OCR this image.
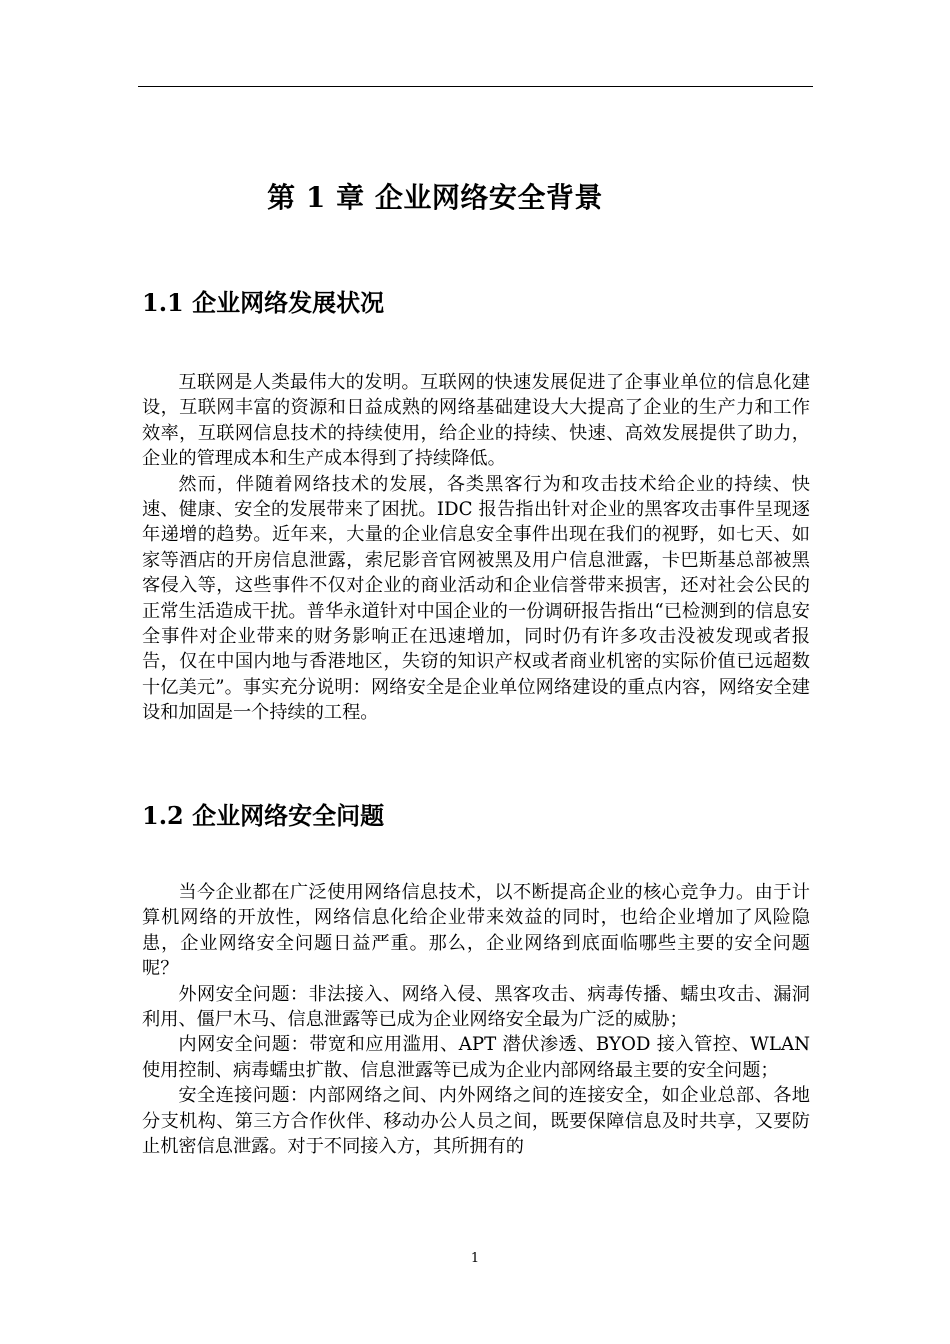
第 1 章 企业网络安全背景
1.1 企业网络发展状况

互联网是人类最伟大的发明。互联网的快速发展促进了企事业单位的信息化建设，互联网丰富的资源和日益成熟的网络基础建设大大提高了企业的生产力和工作效率，互联网信息技术的持续使用，给企业的持续、快速、高效发展提供了助力，企业的管理成本和生产成本得到了持续降低。

然而，伴随着网络技术的发展，各类黑客行为和攻击技术给企业的持续、快速、健康、安全的发展带来了困扰。IDC 报告指出针对企业的黑客攻击事件呈现逐年递增的趋势。近年来，大量的企业信息安全事件出现在我们的视野，如七天、如家等酒店的开房信息泄露，索尼影音官网被黑及用户信息泄露，卡巴斯基总部被黑客侵入等，这些事件不仅对企业的商业活动和企业信誉带来损害，还对社会公民的正常生活造成干扰。普华永道针对中国企业的一份调研报告指出“已检测到的信息安全事件对企业带来的财务影响正在迅速增加，同时仍有许多攻击没被发现或者报告，仅在中国内地与香港地区，失窃的知识产权或者商业机密的实际价值已远超数十亿美元”。事实充分说明：网络安全是企业单位网络建设的重点内容，网络安全建设和加固是一个持续的工程。

1.2 企业网络安全问题

当今企业都在广泛使用网络信息技术，以不断提高企业的核心竞争力。由于计算机网络的开放性，网络信息化给企业带来效益的同时，也给企业增加了风险隐患，企业网络安全问题日益严重。那么，企业网络到底面临哪些主要的安全问题呢？

外网安全问题：非法接入、网络入侵、黑客攻击、病毒传播、蠕虫攻击、漏洞利用、僵尸木马、信息泄露等已成为企业网络安全最为广泛的威胁；

内网安全问题：带宽和应用滥用、APT 潜伏渗透、BYOD 接入管控、WLAN 使用控制、病毒蠕虫扩散、信息泄露等已成为企业内部网络最主要的安全问题；

安全连接问题：内部网络之间、内外网络之间的连接安全，如企业总部、各地分支机构、第三方合作伙伴、移动办公人员之间，既要保障信息及时共享，又要防止机密信息泄露。对于不同接入方，其所拥有的

1
